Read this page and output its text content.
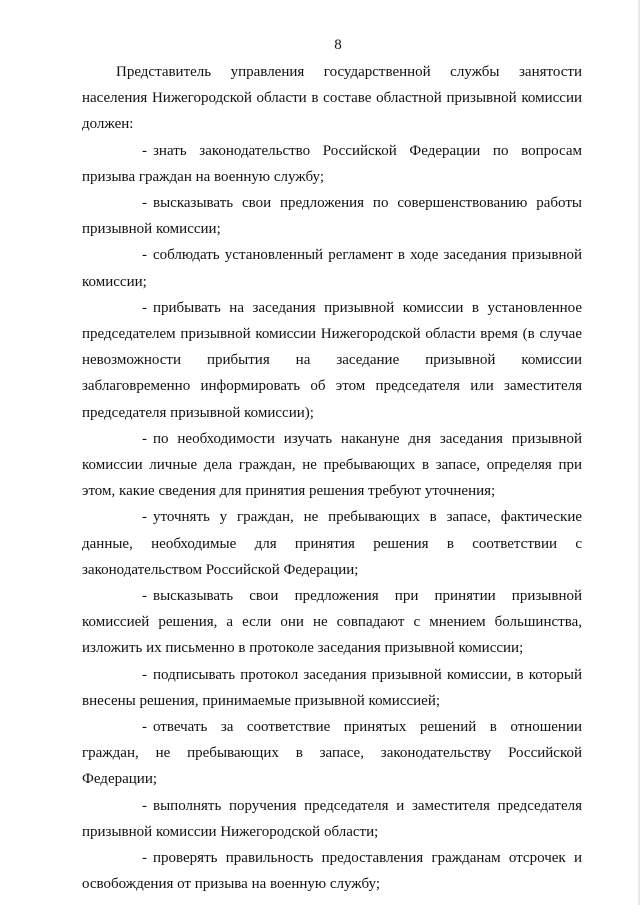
8

Представитель управления государственной службы занятости населения Нижегородской области в составе областной призывной комиссии должен:

- знать законодательство Российской Федерации по вопросам призыва граждан на военную службу;

- высказывать свои предложения по совершенствованию работы призывной комиссии;

- соблюдать установленный регламент в ходе заседания призывной комиссии;

- прибывать на заседания призывной комиссии в установленное председателем призывной комиссии Нижегородской области время (в случае невозможности прибытия на заседание призывной комиссии заблаговременно информировать об этом председателя или заместителя председателя призывной комиссии);

- по необходимости изучать накануне дня заседания призывной комиссии личные дела граждан, не пребывающих в запасе, определяя при этом, какие сведения для принятия решения требуют уточнения;

- уточнять у граждан, не пребывающих в запасе, фактические данные, необходимые для принятия решения в соответствии с законодательством Российской Федерации;

- высказывать свои предложения при принятии призывной комиссией решения, а если они не совпадают с мнением большинства, изложить их письменно в протоколе заседания призывной комиссии;

- подписывать протокол заседания призывной комиссии, в который внесены решения, принимаемые призывной комиссией;

- отвечать за соответствие принятых решений в отношении граждан, не пребывающих в запасе, законодательству Российской Федерации;

- выполнять поручения председателя и заместителя председателя призывной комиссии Нижегородской области;

- проверять правильность предоставления гражданам отсрочек и освобождения от призыва на военную службу;
